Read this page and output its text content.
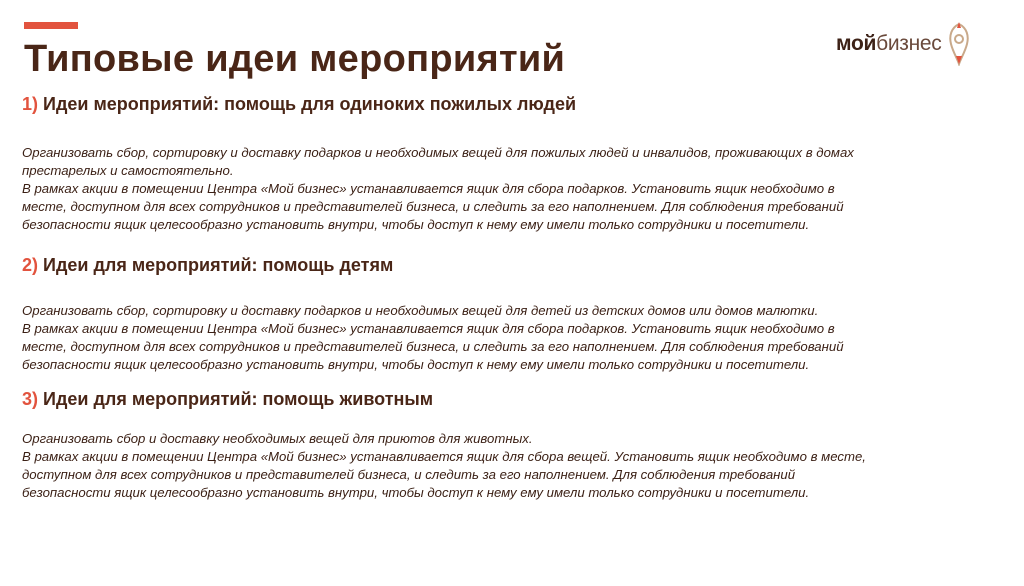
Типовые идеи мероприятий	мойбизнес
1) Идеи мероприятий: помощь для одиноких пожилых людей

Организовать сбор, сортировку и доставку подарков и необходимых вещей для пожилых людей и инвалидов, проживающих в домах
престарелых и самостоятельно.
В рамках акции в помещении Центра «Мой бизнес» устанавливается ящик для сбора подарков. Установить ящик необходимо в
месте, доступном для всех сотрудников и представителей бизнеса, и следить за его наполнением. Для соблюдения требований
безопасности ящик целесообразно установить внутри, чтобы доступ к нему ему имели только сотрудники и посетители.

2) Идеи для мероприятий: помощь детям

Организовать сбор, сортировку и доставку подарков и необходимых вещей для детей из детских домов или домов малютки.
В рамках акции в помещении Центра «Мой бизнес» устанавливается ящик для сбора подарков. Установить ящик необходимо в
месте, доступном для всех сотрудников и представителей бизнеса, и следить за его наполнением. Для соблюдения требований
безопасности ящик целесообразно установить внутри, чтобы доступ к нему ему имели только сотрудники и посетители.

3) Идеи для мероприятий: помощь животным

Организовать сбор и доставку необходимых вещей для приютов для животных.
В рамках акции в помещении Центра «Мой бизнес» устанавливается ящик для сбора вещей. Установить ящик необходимо в месте,
доступном для всех сотрудников и представителей бизнеса, и следить за его наполнением. Для соблюдения требований
безопасности ящик целесообразно установить внутри, чтобы доступ к нему ему имели только сотрудники и посетители.
